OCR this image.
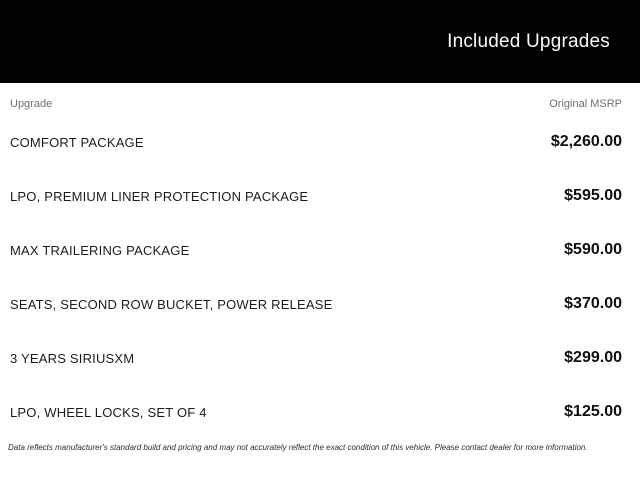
Included Upgrades
Upgrade	Original MSRP
COMFORT PACKAGE	$2,260.00
LPO, PREMIUM LINER PROTECTION PACKAGE	$595.00
MAX TRAILERING PACKAGE	$590.00
SEATS, SECOND ROW BUCKET, POWER RELEASE	$370.00
3 YEARS SIRIUSXM	$299.00
LPO, WHEEL LOCKS, SET OF 4	$125.00
Data reflects manufacturer's standard build and pricing and may not accurately reflect the exact condition of this vehicle. Please contact dealer for more information.
